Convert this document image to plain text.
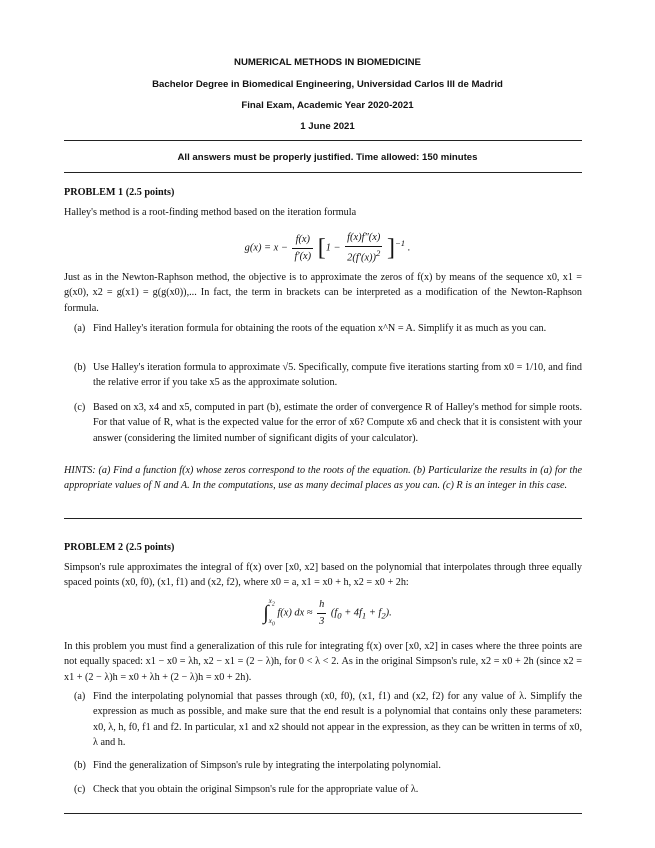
NUMERICAL METHODS IN BIOMEDICINE
Bachelor Degree in Biomedical Engineering, Universidad Carlos III de Madrid
Final Exam, Academic Year 2020-2021
1 June 2021
All answers must be properly justified. Time allowed: 150 minutes
PROBLEM 1 (2.5 points)
Halley's method is a root-finding method based on the iteration formula
$g(x) = x - \frac{f(x)}{f'(x)} [1 - \frac{f(x)f''(x)}{2(f'(x))^2} ]^{-1}$ .
Just as in the Newton-Raphson method, the objective is to approximate the zeros of f(x) by means of the sequence x0, x1 = g(x0), x2 = g(x1) = g(g(x0)),... In fact, the term in brackets can be interpreted as a modification of the Newton-Raphson formula.
(a) Find Halley's iteration formula for obtaining the roots of the equation x^N = A. Simplify it as much as you can.
(b) Use Halley's iteration formula to approximate √5. Specifically, compute five iterations starting from x0 = 1/10, and find the relative error if you take x5 as the approximate solution.
(c) Based on x3, x4 and x5, computed in part (b), estimate the order of convergence R of Halley's method for simple roots. For that value of R, what is the expected value for the error of x6? Compute x6 and check that it is consistent with your answer (considering the limited number of significant digits of your calculator).
HINTS: (a) Find a function f(x) whose zeros correspond to the roots of the equation. (b) Particularize the results in (a) for the appropriate values of N and A. In the computations, use as many decimal places as you can. (c) R is an integer in this case.
PROBLEM 2 (2.5 points)
Simpson's rule approximates the integral of f(x) over [x0, x2] based on the polynomial that interpolates through three equally spaced points (x0, f0), (x1, f1) and (x2, f2), where x0 = a, x1 = x0 + h, x2 = x0 + 2h:
∫
$x_2$
$x_0$
f(x) dx ≈ $\frac{h}{3} (f_0 + 4f_1 + f_2)$.
In this problem you must find a generalization of this rule for integrating f(x) over [x0, x2] in cases where the three points are not equally spaced: x1 − x0 = λh, x2 − x1 = (2 − λ)h, for 0 < λ < 2. As in the original Simpson's rule, x2 = x0 + 2h (since x2 = x1 + (2 − λ)h = x0 + λh + (2 − λ)h = x0 + 2h).
(a) Find the interpolating polynomial that passes through (x0, f0), (x1, f1) and (x2, f2) for any value of λ. Simplify the expression as much as possible, and make sure that the end result is a polynomial that contains only these parameters: x0, λ, h, f0, f1 and f2. In particular, x1 and x2 should not appear in the expression, as they can be written in terms of x0, λ and h.
(b) Find the generalization of Simpson's rule by integrating the interpolating polynomial.
(c) Check that you obtain the original Simpson's rule for the appropriate value of λ.
